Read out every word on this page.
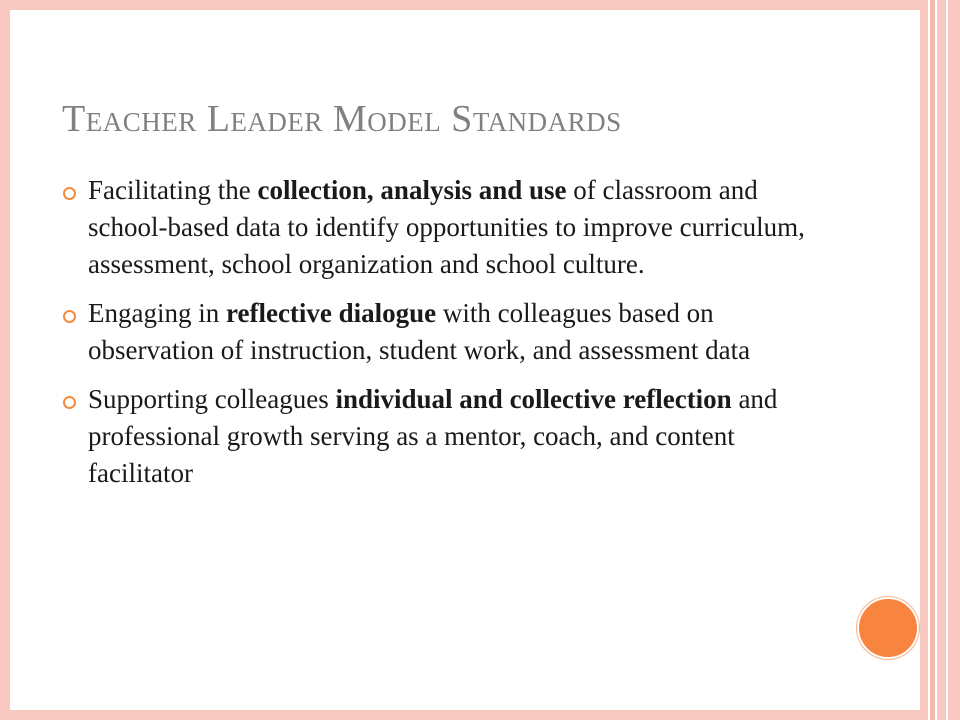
Teacher Leader Model Standards
Facilitating the collection, analysis and use of classroom and school-based data to identify opportunities to improve curriculum, assessment, school organization and school culture.
Engaging in reflective dialogue with colleagues based on observation of instruction, student work, and assessment data
Supporting colleagues individual and collective reflection and professional growth serving as a mentor, coach, and content facilitator
